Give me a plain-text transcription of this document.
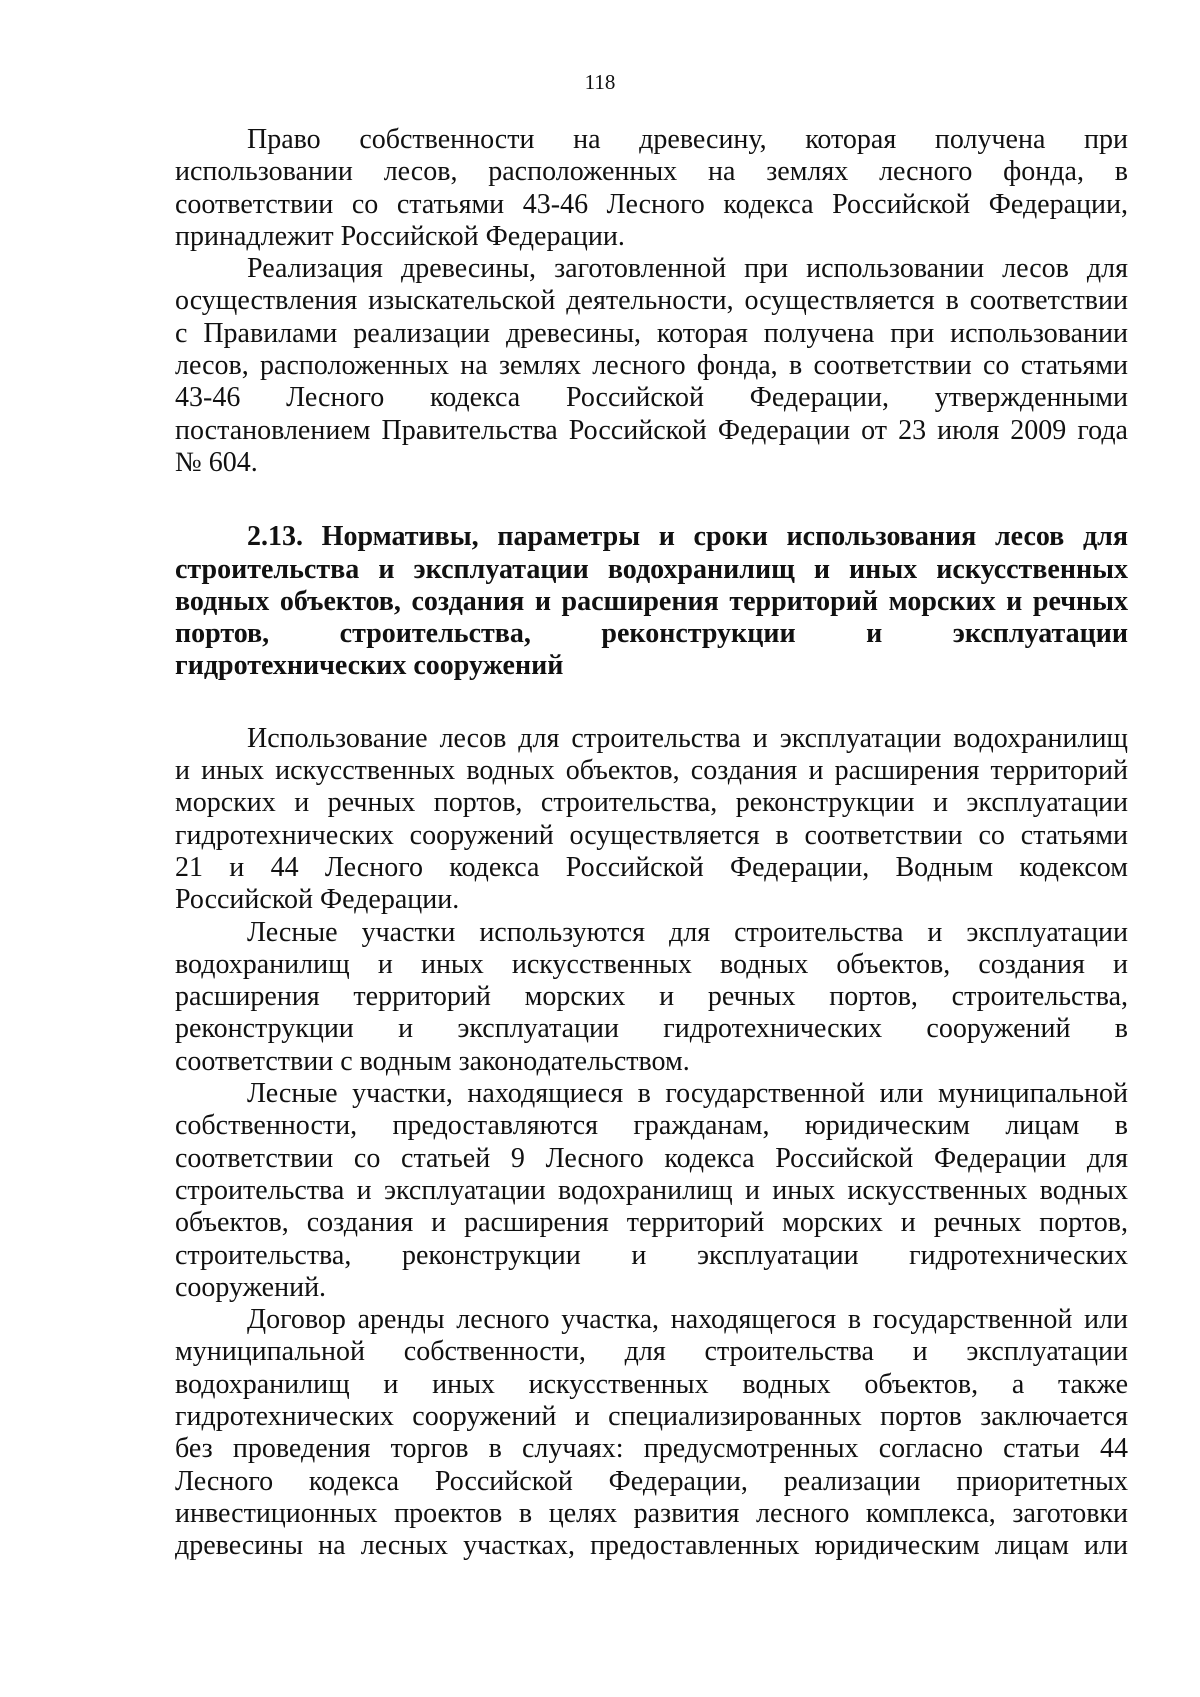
118
Право собственности на древесину, которая получена при
использовании лесов, расположенных на землях лесного фонда, в
соответствии со статьями 43-46 Лесного кодекса Российской Федерации,
принадлежит Российской Федерации.
Реализация древесины, заготовленной при использовании лесов для
осуществления изыскательской деятельности, осуществляется в соответствии
с Правилами реализации древесины, которая получена при использовании
лесов, расположенных на землях лесного фонда, в соответствии со статьями
43-46 Лесного кодекса Российской Федерации, утвержденными
постановлением Правительства Российской Федерации от 23 июля 2009 года
№ 604.
2.13. Нормативы, параметры и сроки использования лесов для
строительства и эксплуатации водохранилищ и иных искусственных
водных объектов, создания и расширения территорий морских и речных
портов, строительства, реконструкции и эксплуатации
гидротехнических сооружений
Использование лесов для строительства и эксплуатации водохранилищ
и иных искусственных водных объектов, создания и расширения территорий
морских и речных портов, строительства, реконструкции и эксплуатации
гидротехнических сооружений осуществляется в соответствии со статьями
21 и 44 Лесного кодекса Российской Федерации, Водным кодексом
Российской Федерации.
Лесные участки используются для строительства и эксплуатации
водохранилищ и иных искусственных водных объектов, создания и
расширения территорий морских и речных портов, строительства,
реконструкции и эксплуатации гидротехнических сооружений в
соответствии с водным законодательством.
Лесные участки, находящиеся в государственной или муниципальной
собственности, предоставляются гражданам, юридическим лицам в
соответствии со статьей 9 Лесного кодекса Российской Федерации для
строительства и эксплуатации водохранилищ и иных искусственных водных
объектов, создания и расширения территорий морских и речных портов,
строительства, реконструкции и эксплуатации гидротехнических
сооружений.
Договор аренды лесного участка, находящегося в государственной или
муниципальной собственности, для строительства и эксплуатации
водохранилищ и иных искусственных водных объектов, а также
гидротехнических сооружений и специализированных портов заключается
без проведения торгов в случаях: предусмотренных согласно статьи 44
Лесного кодекса Российской Федерации, реализации приоритетных
инвестиционных проектов в целях развития лесного комплекса, заготовки
древесины на лесных участках, предоставленных юридическим лицам или
